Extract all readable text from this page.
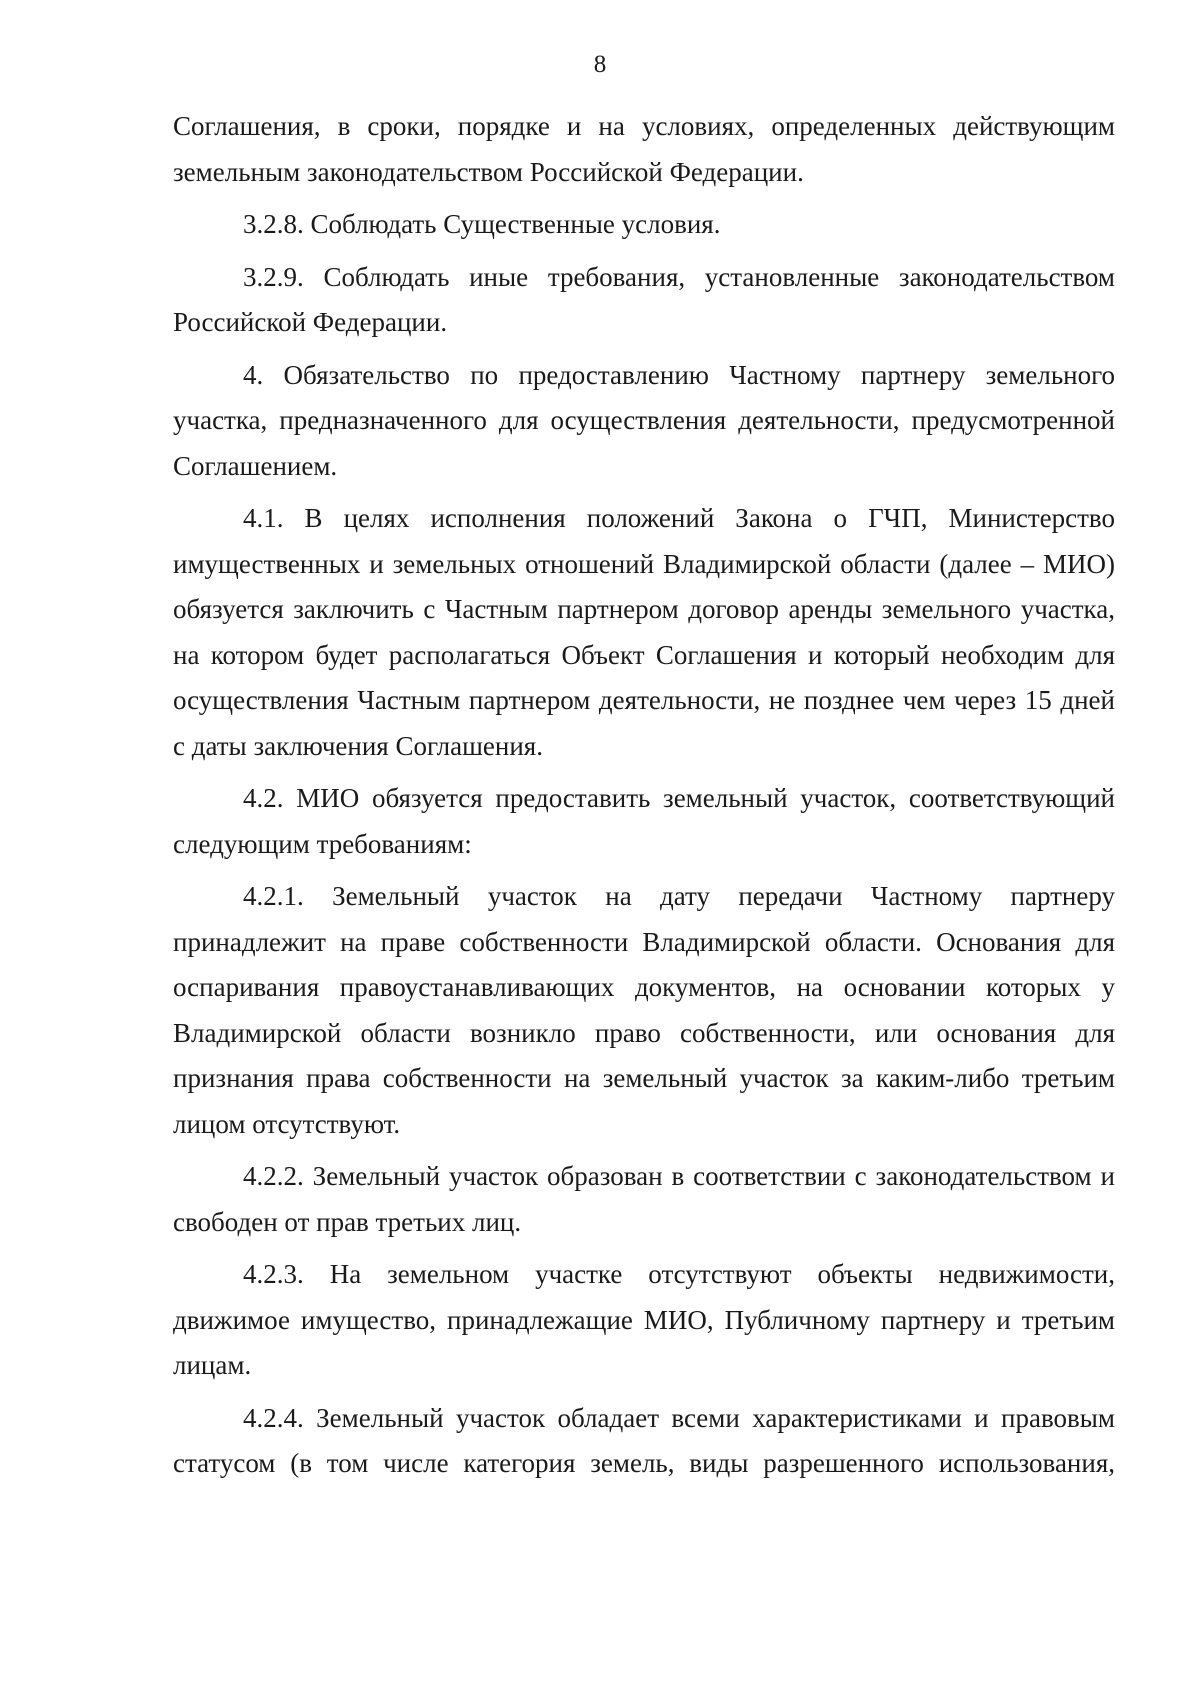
8

Соглашения, в сроки, порядке и на условиях, определенных действующим земельным законодательством Российской Федерации.

3.2.8. Соблюдать Существенные условия.

3.2.9. Соблюдать иные требования, установленные законодательством Российской Федерации.

4. Обязательство по предоставлению Частному партнеру земельного участка, предназначенного для осуществления деятельности, предусмотренной Соглашением.

4.1. В целях исполнения положений Закона о ГЧП, Министерство имущественных и земельных отношений Владимирской области (далее – МИО) обязуется заключить с Частным партнером договор аренды земельного участка, на котором будет располагаться Объект Соглашения и который необходим для осуществления Частным партнером деятельности, не позднее чем через 15 дней с даты заключения Соглашения.

4.2. МИО обязуется предоставить земельный участок, соответствующий следующим требованиям:

4.2.1. Земельный участок на дату передачи Частному партнеру принадлежит на праве собственности Владимирской области. Основания для оспаривания правоустанавливающих документов, на основании которых у Владимирской области возникло право собственности, или основания для признания права собственности на земельный участок за каким-либо третьим лицом отсутствуют.

4.2.2. Земельный участок образован в соответствии с законодательством и свободен от прав третьих лиц.

4.2.3. На земельном участке отсутствуют объекты недвижимости, движимое имущество, принадлежащие МИО, Публичному партнеру и третьим лицам.

4.2.4. Земельный участок обладает всеми характеристиками и правовым статусом (в том числе категория земель, виды разрешенного использования,
